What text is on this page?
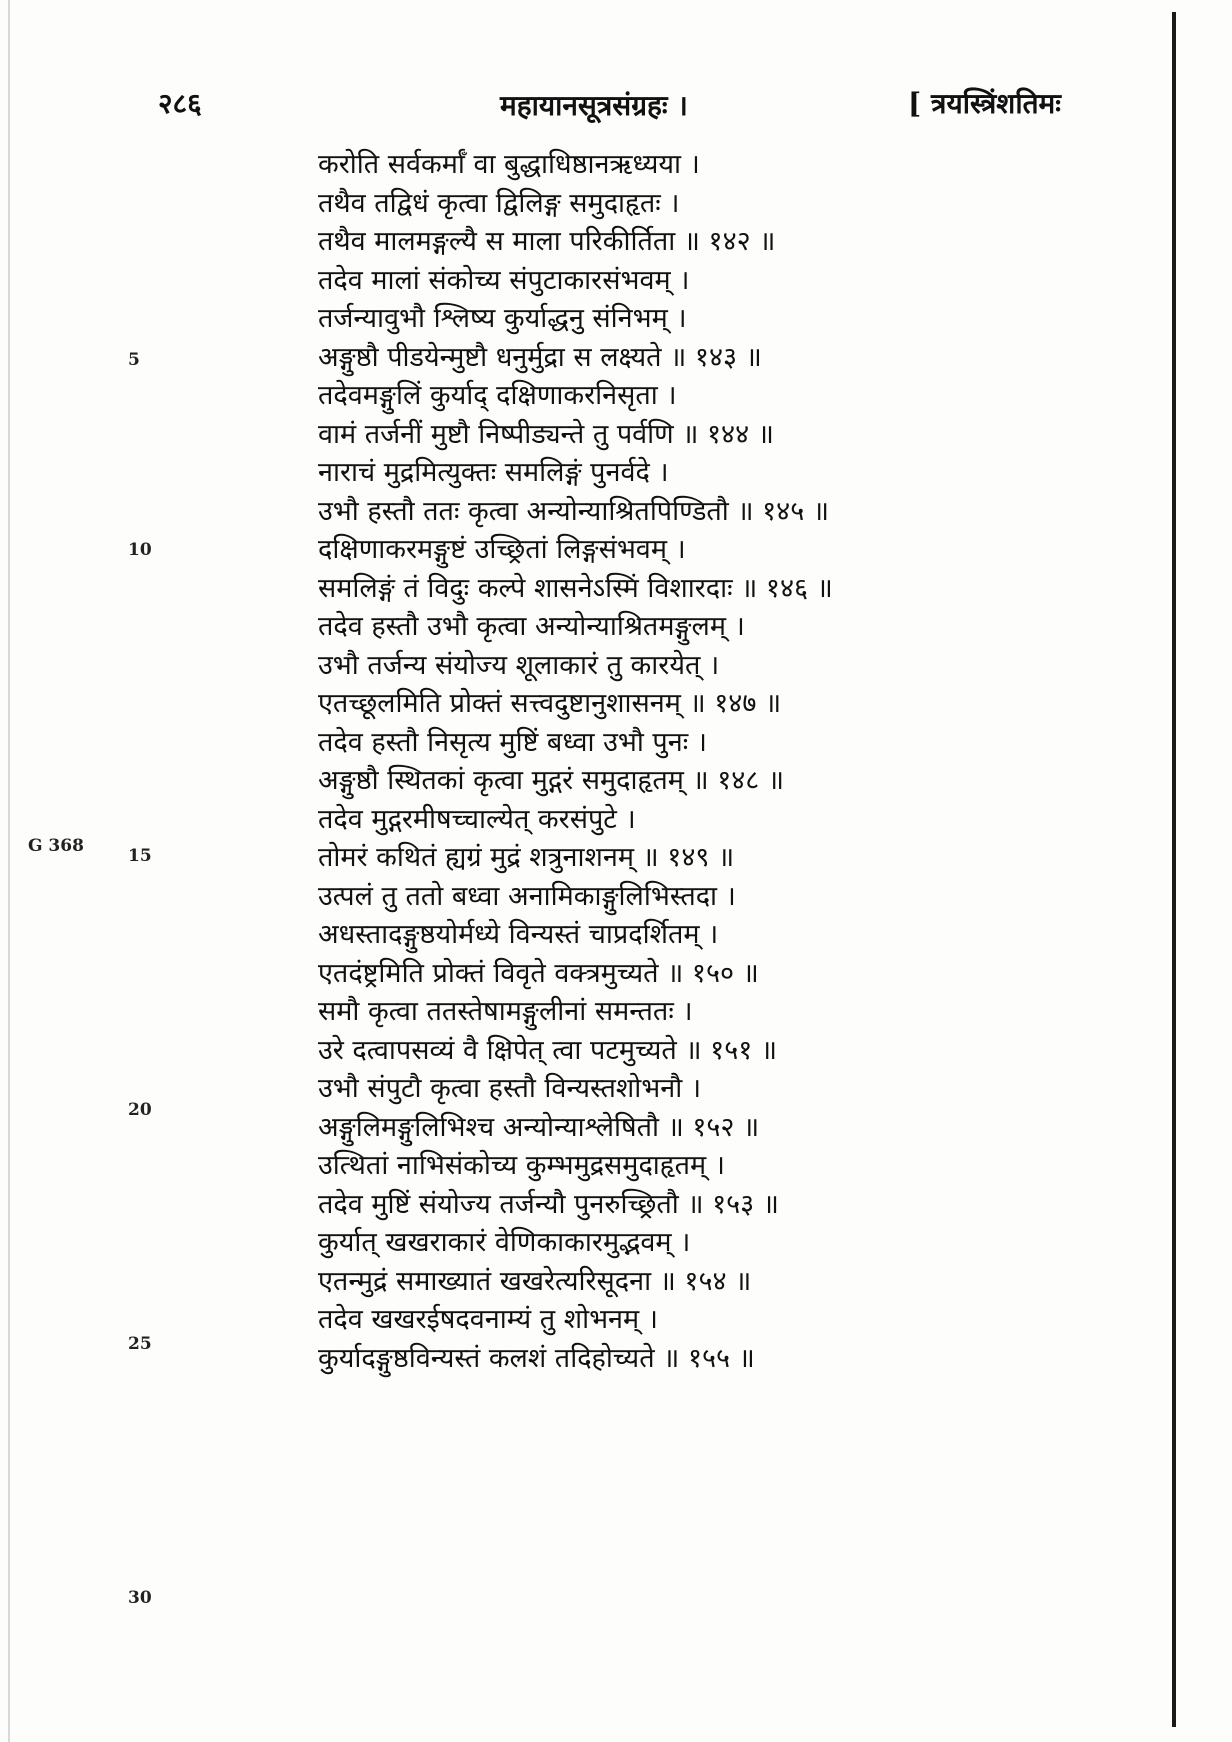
२८६	महायानसूत्रसंग्रहः ।	[ त्रयस्त्रिंशतिमः
G 368
5
10
15
20
25
30
करोति सर्वकर्माँ वा बुद्धाधिष्ठानऋध्यया ।
तथैव तद्विधं कृत्वा द्विलिङ्ग समुदाहृतः ।
तथैव मालमङ्गल्यै स माला परिकीर्तिता ॥ १४२ ॥
तदेव मालां संकोच्य संपुटाकारसंभवम् ।
तर्जन्यावुभौ श्लिष्य कुर्याद्धनु संनिभम् ।
अङ्गुष्ठौ पीडयेन्मुष्टौ धनुर्मुद्रा स लक्ष्यते ॥ १४३ ॥
तदेवमङ्गुलिं कुर्याद् दक्षिणाकरनिसृता ।
वामं तर्जनीं मुष्टौ निष्पीड्यन्ते तु पर्वणि ॥ १४४ ॥
नाराचं मुद्रमित्युक्तः समलिङ्गं पुनर्वदे ।
उभौ हस्तौ ततः कृत्वा अन्योन्याश्रितपिण्डितौ ॥ १४५ ॥
दक्षिणाकरमङ्गुष्टं उच्छ्रितां लिङ्गसंभवम् ।
समलिङ्गं तं विदुः कल्पे शासनेऽस्मिं विशारदाः ॥ १४६ ॥
तदेव हस्तौ उभौ कृत्वा अन्योन्याश्रितमङ्गुलम् ।
उभौ तर्जन्य संयोज्य शूलाकारं तु कारयेत् ।
एतच्छूलमिति प्रोक्तं सत्त्वदुष्टानुशासनम् ॥ १४७ ॥
तदेव हस्तौ निसृत्य मुष्टिं बध्वा उभौ पुनः ।
अङ्गुष्ठौ स्थितकां कृत्वा मुद्गरं समुदाहृतम् ॥ १४८ ॥
तदेव मुद्गरमीषच्चाल्येत् करसंपुटे ।
तोमरं कथितं ह्यग्रं मुद्रं शत्रुनाशनम् ॥ १४९ ॥
उत्पलं तु ततो बध्वा अनामिकाङ्गुलिभिस्तदा ।
अधस्तादङ्गुष्ठयोर्मध्ये विन्यस्तं चाप्रदर्शितम् ।
एतदंष्ट्रमिति प्रोक्तं विवृते वक्त्रमुच्यते ॥ १५० ॥
समौ कृत्वा ततस्तेषामङ्गुलीनां समन्ततः ।
उरे दत्वापसव्यं वै क्षिपेत् त्वा पटमुच्यते ॥ १५१ ॥
उभौ संपुटौ कृत्वा हस्तौ विन्यस्तशोभनौ ।
अङ्गुलिमङ्गुलिभिश्च अन्योन्याश्लेषितौ ॥ १५२ ॥
उत्थितां नाभिसंकोच्य कुम्भमुद्रसमुदाहृतम् ।
तदेव मुष्टिं संयोज्य तर्जन्यौ पुनरुच्छ्रितौ ॥ १५३ ॥
कुर्यात् खखराकारं वेणिकाकारमुद्भवम् ।
एतन्मुद्रं समाख्यातं खखरेत्यरिसूदना ॥ १५४ ॥
तदेव खखरईषदवनाम्यं तु शोभनम् ।
कुर्यादङ्गुष्ठविन्यस्तं कलशं तदिहोच्यते ॥ १५५ ॥
